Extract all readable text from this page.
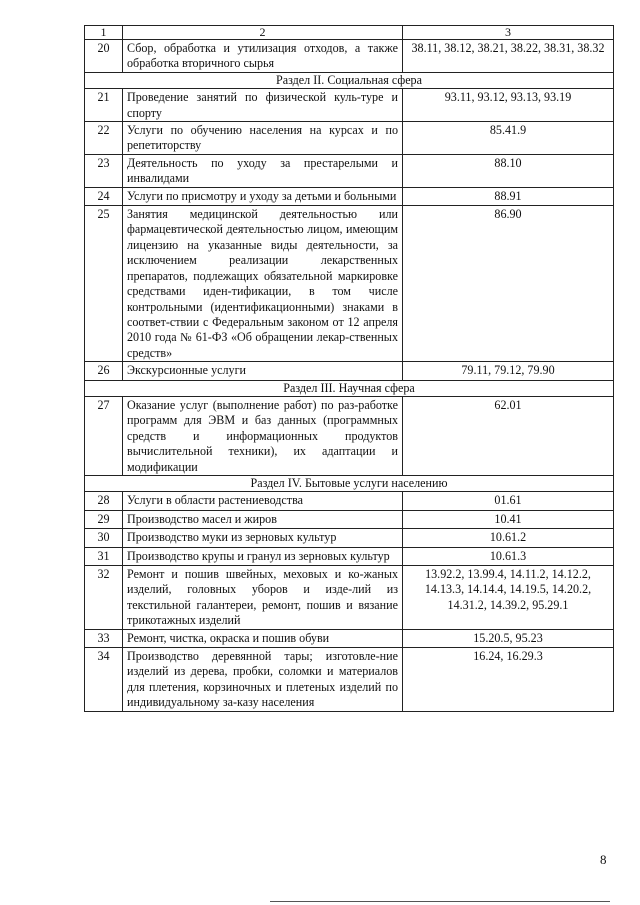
1	2	3
20	Сбор, обработка и утилизация отходов, а также обработка вторичного сырья	38.11, 38.12, 38.21, 38.22, 38.31, 38.32
Раздел II. Социальная сфера		
21	Проведение занятий по физической куль-туре и спорту	93.11, 93.12, 93.13, 93.19
22	Услуги по обучению населения на курсах и по репетиторству	85.41.9
23	Деятельность по уходу за престарелыми и инвалидами	88.10
24	Услуги по присмотру и уходу за детьми и больными	88.91
25	Занятия медицинской деятельностью или фармацевтической деятельностью лицом, имеющим лицензию на указанные виды деятельности, за исключением реализации лекарственных препаратов, подлежащих обязательной маркировке средствами иден-тификации, в том числе контрольными (идентификационными) знаками в соответ-ствии с Федеральным законом от 12 апреля 2010 года № 61-ФЗ «Об обращении лекар-ственных средств»	86.90
26	Экскурсионные услуги	79.11, 79.12, 79.90
Раздел III. Научная сфера		
27	Оказание услуг (выполнение работ) по раз-работке программ для ЭВМ и баз данных (программных средств и информационных продуктов вычислительной техники), их адаптации и модификации	62.01
Раздел IV. Бытовые услуги населению		
28	Услуги в области растениеводства	01.61
29	Производство масел и жиров	10.41
30	Производство муки из зерновых культур	10.61.2
31	Производство крупы и гранул из зерновых культур	10.61.3
32	Ремонт и пошив швейных, меховых и ко-жаных изделий, головных уборов и изде-лий из текстильной галантереи, ремонт, пошив и вязание трикотажных изделий	13.92.2, 13.99.4, 14.11.2, 14.12.2, 14.13.3, 14.14.4, 14.19.5, 14.20.2, 14.31.2, 14.39.2, 95.29.1
33	Ремонт, чистка, окраска и пошив обуви	15.20.5, 95.23
34	Производство деревянной тары; изготовле-ние изделий из дерева, пробки, соломки и материалов для плетения, корзиночных и плетеных изделий по индивидуальному за-казу населения	16.24, 16.29.3
8
